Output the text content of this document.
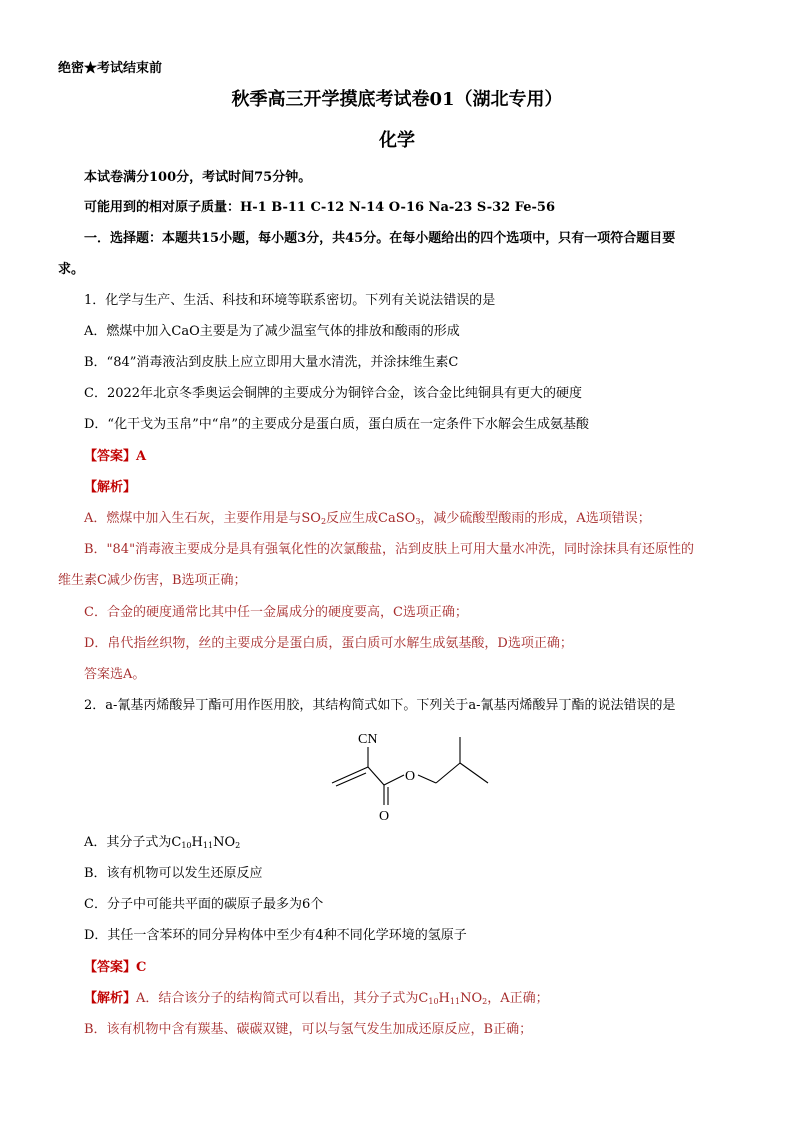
绝密★考试结束前
秋季高三开学摸底考试卷01（湖北专用）
化学
本试卷满分100分，考试时间75分钟。
可能用到的相对原子质量：H-1 B-11 C-12 N-14 O-16 Na-23 S-32 Fe-56
一．选择题：本题共15小题，每小题3分，共45分。在每小题给出的四个选项中，只有一项符合题目要
求。
1．化学与生产、生活、科技和环境等联系密切。下列有关说法错误的是
A．燃煤中加入CaO主要是为了减少温室气体的排放和酸雨的形成
B．“84”消毒液沾到皮肤上应立即用大量水清洗，并涂抹维生素C
C．2022年北京冬季奥运会铜牌的主要成分为铜锌合金，该合金比纯铜具有更大的硬度
D．“化干戈为玉帛”中“帛”的主要成分是蛋白质，蛋白质在一定条件下水解会生成氨基酸
【答案】A
【解析】
A．燃煤中加入生石灰，主要作用是与$SO_2$反应生成CaSO$_3$，减少硫酸型酸雨的形成，A选项错误；
B．"84"消毒液主要成分是具有强氧化性的次氯酸盐，沾到皮肤上可用大量水冲洗，同时涂抹具有还原性的
维生素C减少伤害，B选项正确；
C．合金的硬度通常比其中任一金属成分的硬度要高，C选项正确；
D．帛代指丝织物，丝的主要成分是蛋白质，蛋白质可水解生成氨基酸，D选项正确；
答案选A。
2．a-氰基丙烯酸异丁酯可用作医用胶，其结构简式如下。下列关于a-氰基丙烯酸异丁酯的说法错误的是
CN
O
O
A．其分子式为$C_{10}H_{11}NO_2$
B．该有机物可以发生还原反应
C．分子中可能共平面的碳原子最多为6个
D．其任一含苯环的同分异构体中至少有4种不同化学环境的氢原子
【答案】C
【解析】A．结合该分子的结构简式可以看出，其分子式为$C_{10}H_{11}NO_2$，A正确；
B．该有机物中含有羰基、碳碳双键，可以与氢气发生加成还原反应，B正确；
